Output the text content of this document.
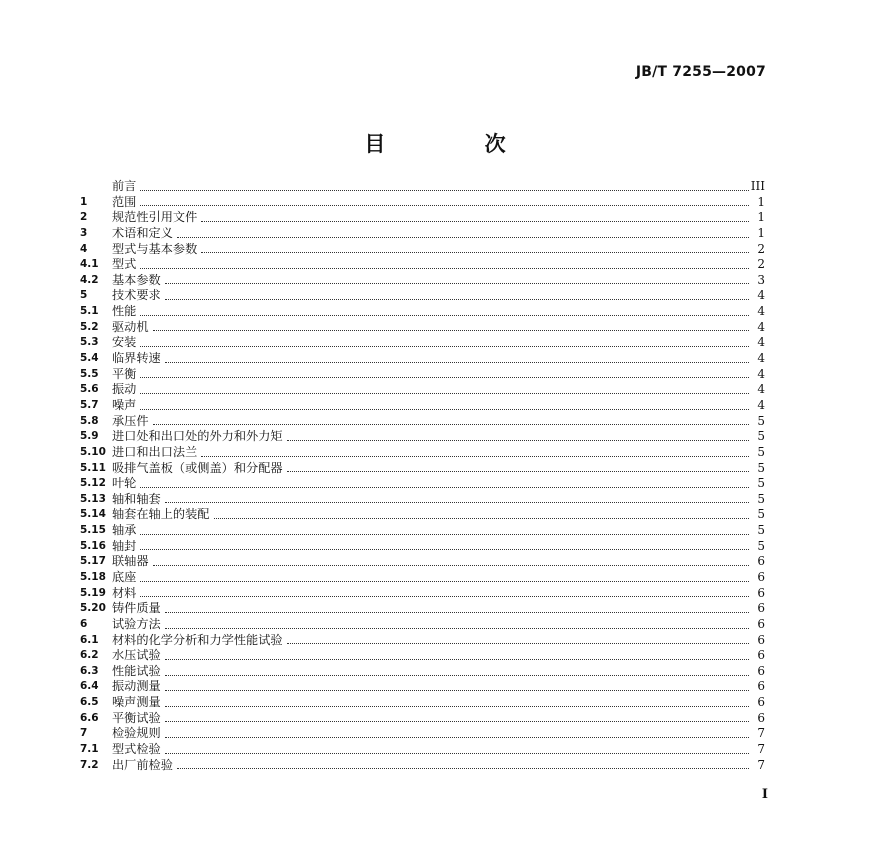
JB/T 7255—2007
目 次
前言	III
1	范围	1
2	规范性引用文件	1
3	术语和定义	1
4	型式与基本参数	2
4.1	型式	2
4.2	基本参数	3
5	技术要求	4
5.1	性能	4
5.2	驱动机	4
5.3	安装	4
5.4	临界转速	4
5.5	平衡	4
5.6	振动	4
5.7	噪声	4
5.8	承压件	5
5.9	进口处和出口处的外力和外力矩	5
5.10 进口和出口法兰	5
5.11 吸排气盖板（或侧盖）和分配器	5
5.12 叶轮	5
5.13 轴和轴套	5
5.14 轴套在轴上的装配	5
5.15 轴承	5
5.16 轴封	5
5.17 联轴器	6
5.18 底座	6
5.19 材料	6
5.20 铸件质量	6
6	试验方法	6
6.1	材料的化学分析和力学性能试验	6
6.2	水压试验	6
6.3	性能试验	6
6.4	振动测量	6
6.5	噪声测量	6
6.6	平衡试验	6
7	检验规则	7
7.1	型式检验	7
7.2	出厂前检验	7
I
